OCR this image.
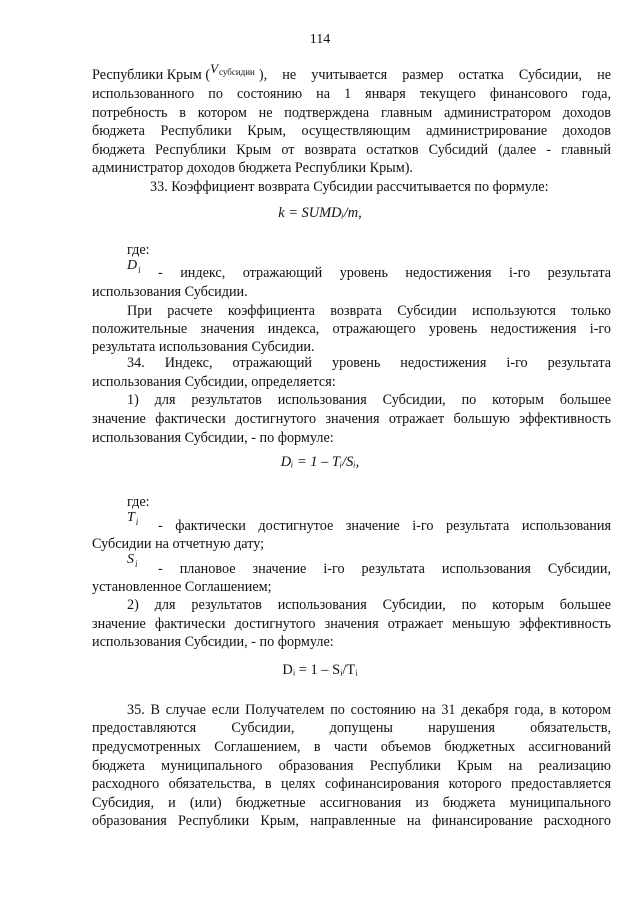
114
Республики Крым ( Vсубсидии ), не учитывается размер остатка Субсидии, не
использованного по состоянию на 1 января текущего финансового года,
потребность в котором не подтверждена главным администратором доходов
бюджета Республики Крым, осуществляющим администрирование доходов
бюджета Республики Крым от возврата остатков Субсидий (далее - главный
администратор доходов бюджета Республики Крым).
33. Коэффициент возврата Субсидии рассчитывается по формуле:
k = SUMDᵢ/m,
где:
$D_i$ - индекс, отражающий уровень недостижения i-го результата
использования Субсидии.
При расчете коэффициента возврата Субсидии используются только
положительные значения индекса, отражающего уровень недостижения i-го
результата использования Субсидии.
34. Индекс, отражающий уровень недостижения i-го результата
использования Субсидии, определяется:
1) для результатов использования Субсидии, по которым большее
значение фактически достигнутого значения отражает большую эффективность
использования Субсидии, - по формуле:
Dᵢ = 1 – Tᵢ/Sᵢ,
где:
$T_i$ - фактически достигнутое значение i-го результата использования
Субсидии на отчетную дату;
$S_i$ - плановое значение i-го результата использования Субсидии,
установленное Соглашением;
2) для результатов использования Субсидии, по которым большее
значение фактически достигнутого значения отражает меньшую эффективность
использования Субсидии, - по формуле:
Dᵢ = 1 – Sᵢ/Tᵢ
35. В случае если Получателем по состоянию на 31 декабря года, в котором
предоставляются Субсидии, допущены нарушения обязательств,
предусмотренных Соглашением, в части объемов бюджетных ассигнований
бюджета муниципального образования Республики Крым на реализацию
расходного обязательства, в целях софинансирования которого предоставляется
Субсидия, и (или) бюджетные ассигнования из бюджета муниципального
образования Республики Крым, направленные на финансирование расходного
